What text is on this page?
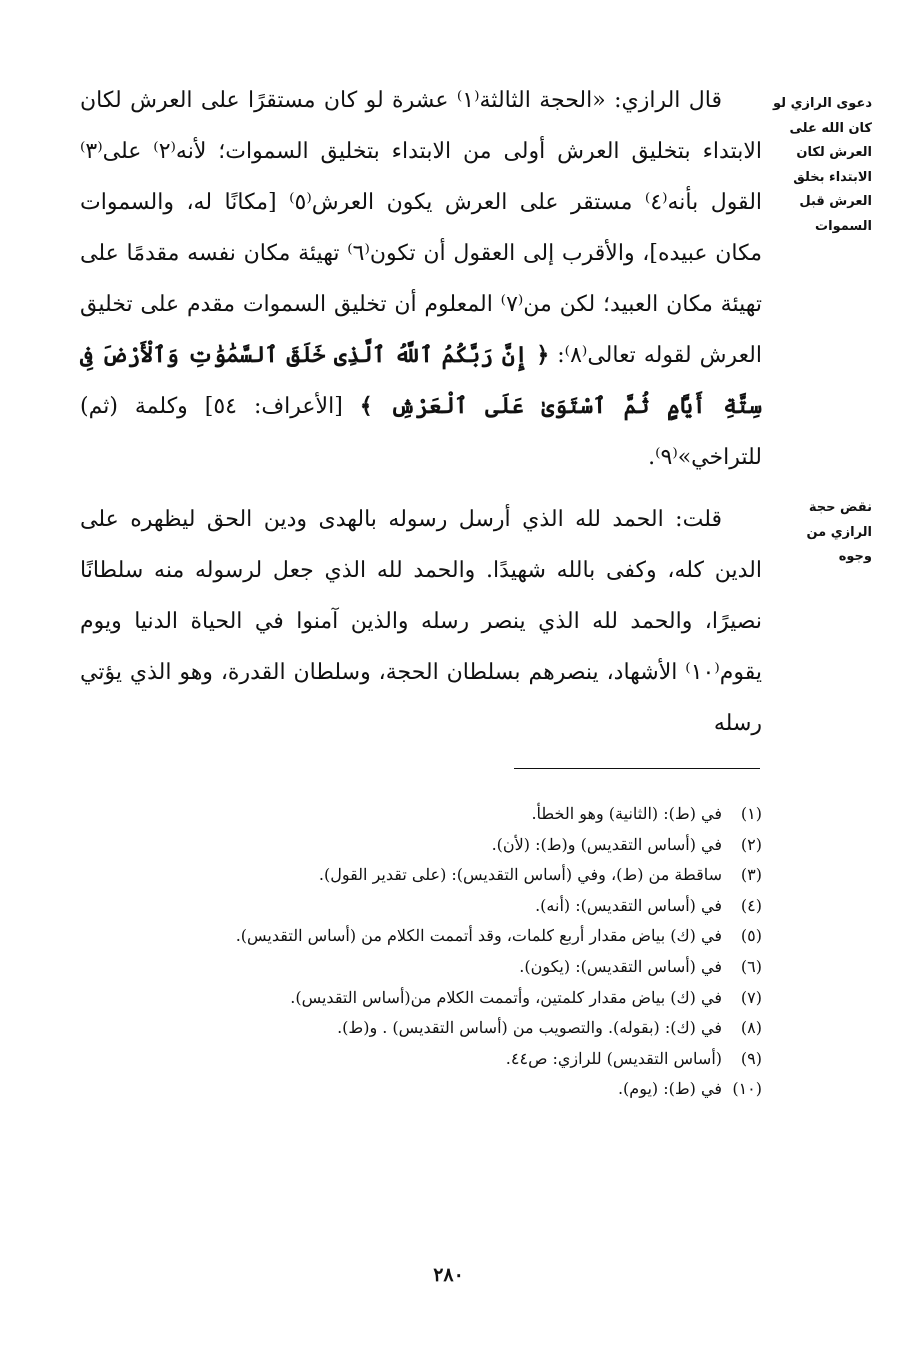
دعوى الرازي لو كان الله على العرش لكان الابتداء بخلق العرش قبل السموات
نقض حجة الرازي من وجوه

قال الرازي: «الحجة الثالثة⁽١⁾ عشرة لو كان مستقرًا على العرش لكان الابتداء بتخليق العرش أولى من الابتداء بتخليق السموات؛ لأنه⁽٢⁾ على⁽٣⁾ القول بأنه⁽٤⁾ مستقر على العرش يكون العرش⁽٥⁾ [مكانًا له، والسموات مكان عبيده]، والأقرب إلى العقول أن تكون⁽٦⁾ تهيئة مكان نفسه مقدمًا على تهيئة مكان العبيد؛ لكن من⁽٧⁾ المعلوم أن تخليق السموات مقدم على تخليق العرش لقوله تعالى⁽٨⁾: ﴿ إِنَّ رَبَّكُمُ ٱللَّهُ ٱلَّذِى خَلَقَ ٱلسَّمَٰوَٰتِ وَٱلْأَرْضَ فِى سِتَّةِ أَيَّامٍ ثُمَّ ٱسْتَوَىٰ عَلَى ٱلْعَرْشِ ﴾ [الأعراف: ٥٤] وكلمة (ثم) للتراخي»⁽٩⁾.

قلت: الحمد لله الذي أرسل رسوله بالهدى ودين الحق ليظهره على الدين كله، وكفى بالله شهيدًا. والحمد لله الذي جعل لرسوله منه سلطانًا نصيرًا، والحمد لله الذي ينصر رسله والذين آمنوا في الحياة الدنيا ويوم يقوم⁽١٠⁾ الأشهاد، ينصرهم بسلطان الحجة، وسلطان القدرة، وهو الذي يؤتي رسله

(١)في (ط): (الثانية) وهو الخطأ.
(٢)في (أساس التقديس) و(ط): (لأن).
(٣)ساقطة من (ط)، وفي (أساس التقديس): (على تقدير القول).
(٤)في (أساس التقديس): (أنه).
(٥)في (ك) بياض مقدار أربع كلمات، وقد أتممت الكلام من (أساس التقديس).
(٦)في (أساس التقديس): (يكون).
(٧)في (ك) بياض مقدار كلمتين، وأتممت الكلام من(أساس التقديس).
(٨)في (ك): (بقوله). والتصويب من (أساس التقديس) . و(ط).
(٩)(أساس التقديس) للرازي: ص٤٤.
(١٠)في (ط): (يوم).
٢٨٠
